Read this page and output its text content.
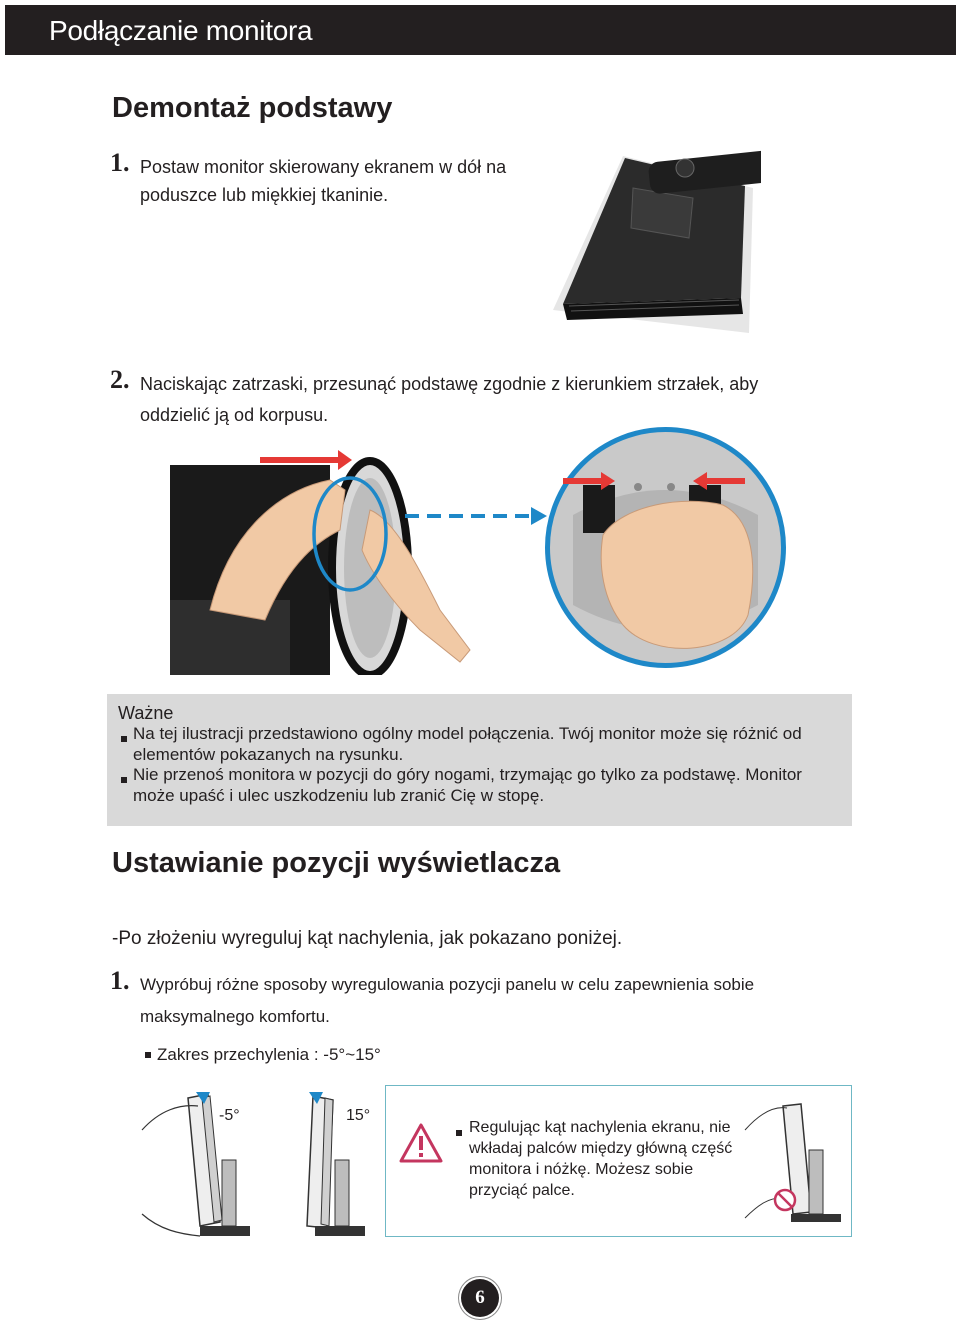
Podłączanie monitora
Demontaż podstawy
1. Postaw monitor skierowany ekranem w dół na
poduszce lub miękkiej tkaninie.
2. Naciskając zatrzaski, przesunąć podstawę zgodnie z kierunkiem strzałek, aby
oddzielić ją od korpusu.
Ważne
Na tej ilustracji przedstawiono ogólny model połączenia. Twój monitor może się różnić od
elementów pokazanych na rysunku.
Nie przenoś monitora w pozycji do góry nogami, trzymając go tylko za podstawę. Monitor
może upaść i ulec uszkodzeniu lub zranić Cię w stopę.
Ustawianie pozycji wyświetlacza
-Po złożeniu wyreguluj kąt nachylenia, jak pokazano poniżej.
1. Wypróbuj różne sposoby wyregulowania pozycji panelu w celu zapewnienia sobie
maksymalnego komfortu.
Zakres przechylenia : -5°~15°
-5°	15°
Regulując kąt nachylenia ekranu, nie
wkładaj palców między główną część
monitora i nóżkę. Możesz sobie
przyciąć palce.
6
